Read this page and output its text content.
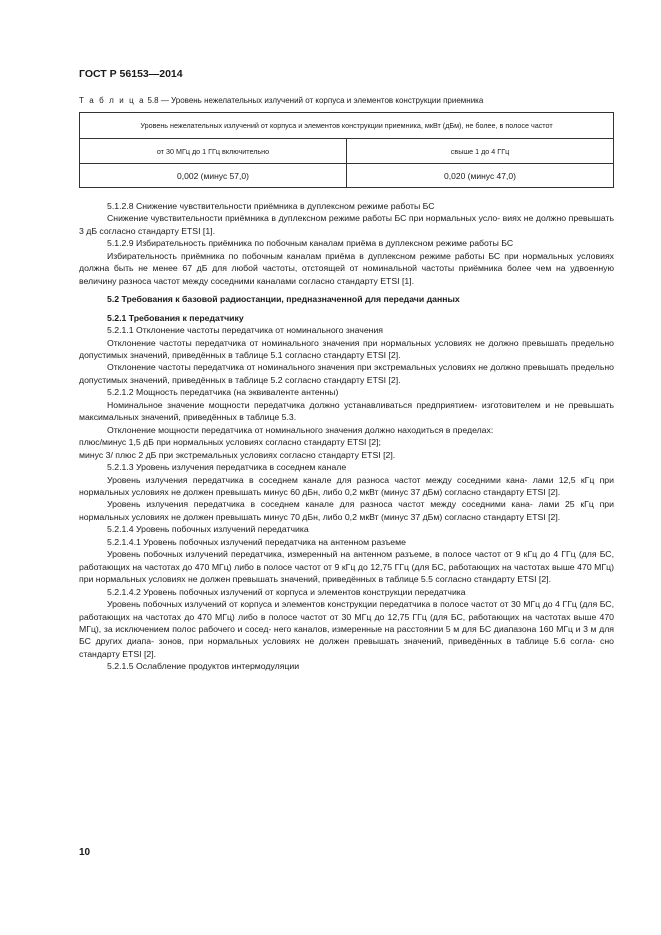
ГОСТ Р 56153—2014
Т а б л и ц а 5.8 — Уровень нежелательных излучений от корпуса и элементов конструкции приемника
Уровень нежелательных излучений от корпуса и элементов конструкции приемника, мкВт (дБм), не более, в полосе частот	
от 30 МГц до 1 ГГц включительно	свыше 1 до 4 ГГц
0,002 (минус 57,0)	0,020 (минус 47,0)

5.1.2.8 Снижение чувствительности приёмника в дуплексном режиме работы БС

Снижение чувствительности приёмника в дуплексном режиме работы БС при нормальных усло- виях не должно превышать 3 дБ согласно стандарту ETSI [1].

5.1.2.9 Избирательность приёмника по побочным каналам приёма в дуплексном режиме работы БС

Избирательность приёмника по побочным каналам приёма в дуплексном режиме работы БС при нормальных условиях должна быть не менее 67 дБ для любой частоты, отстоящей от номинальной частоты приёмника более чем на удвоенную величину разноса частот между соседними каналами согласно стандарту ETSI [1].

5.2 Требования к базовой радиостанции, предназначенной для передачи данных

5.2.1 Требования к передатчику

5.2.1.1 Отклонение частоты передатчика от номинального значения

Отклонение частоты передатчика от номинального значения при нормальных условиях не должно превышать предельно допустимых значений, приведённых в таблице 5.1 согласно стандарту ETSI [2].

Отклонение частоты передатчика от номинального значения при экстремальных условиях не должно превышать предельно допустимых значений, приведённых в таблице 5.2 согласно стандарту ETSI [2].

5.2.1.2 Мощность передатчика (на эквиваленте антенны)

Номинальное значение мощности передатчика должно устанавливаться предприятием- изготовителем и не превышать максимальных значений, приведённых в таблице 5.3.

Отклонение мощности передатчика от номинального значения должно находиться в пределах:

плюс/минус 1,5 дБ при нормальных условиях согласно стандарту ETSI [2];

минус 3/ плюс 2 дБ при экстремальных условиях согласно стандарту ETSI [2].

5.2.1.3 Уровень излучения передатчика в соседнем канале

Уровень излучения передатчика в соседнем канале для разноса частот между соседними кана- лами 12,5 кГц при нормальных условиях не должен превышать минус 60 дБн, либо 0,2 мкВт (минус 37 дБм) согласно стандарту ETSI [2].

Уровень излучения передатчика в соседнем канале для разноса частот между соседними кана- лами 25 кГц при нормальных условиях не должен превышать минус 70 дБн, либо 0,2 мкВт (минус 37 дБм) согласно стандарту ETSI [2].

5.2.1.4 Уровень побочных излучений передатчика

5.2.1.4.1 Уровень побочных излучений передатчика на антенном разъеме

Уровень побочных излучений передатчика, измеренный на антенном разъеме, в полосе частот от 9 кГц до 4 ГГц (для БС, работающих на частотах до 470 МГц) либо в полосе частот от 9 кГц до 12,75 ГГц (для БС, работающих на частотах выше 470 МГц) при нормальных условиях не должен превышать значений, приведённых в таблице 5.5 согласно стандарту ETSI [2].

5.2.1.4.2 Уровень побочных излучений от корпуса и элементов конструкции передатчика

Уровень побочных излучений от корпуса и элементов конструкции передатчика в полосе частот от 30 МГц до 4 ГГц (для БС, работающих на частотах до 470 МГц) либо в полосе частот от 30 МГц до 12,75 ГГц (для БС, работающих на частотах выше 470 МГц), за исключением полос рабочего и сосед- него каналов, измеренные на расстоянии 5 м для БС диапазона 160 МГц и 3 м для БС других диапа- зонов, при нормальных условиях не должен превышать значений, приведённых в таблице 5.6 согла- сно стандарту ETSI [2].

5.2.1.5 Ослабление продуктов интермодуляции

10
